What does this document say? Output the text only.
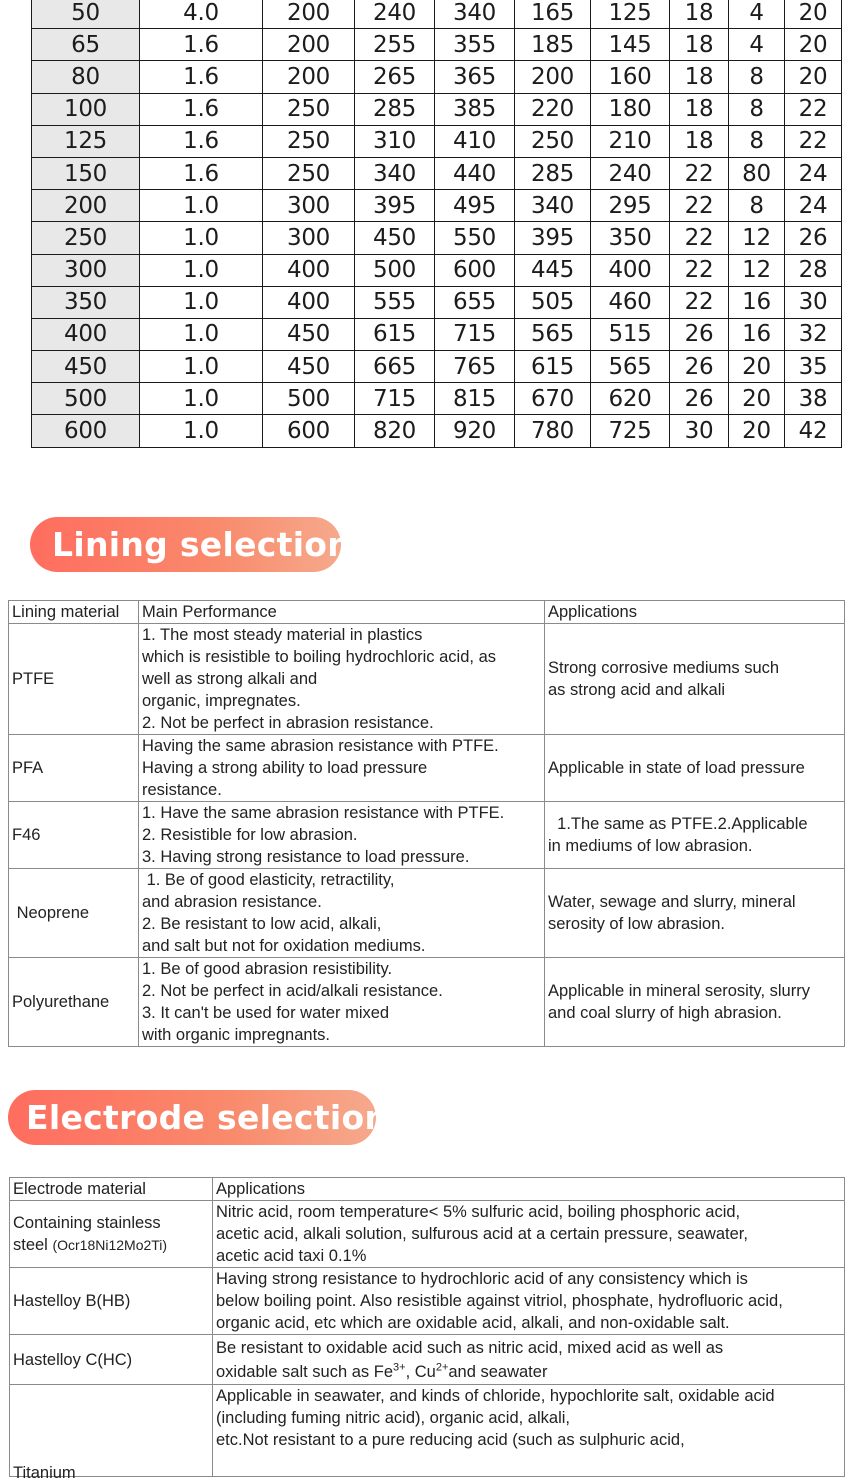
50	4.0	200	240	340	165	125	18	4	20
65	1.6	200	255	355	185	145	18	4	20
80	1.6	200	265	365	200	160	18	8	20
100	1.6	250	285	385	220	180	18	8	22
125	1.6	250	310	410	250	210	18	8	22
150	1.6	250	340	440	285	240	22	80	24
200	1.0	300	395	495	340	295	22	8	24
250	1.0	300	450	550	395	350	22	12	26
300	1.0	400	500	600	445	400	22	12	28
350	1.0	400	555	655	505	460	22	16	30
400	1.0	450	615	715	565	515	26	16	32
450	1.0	450	665	765	615	565	26	20	35
500	1.0	500	715	815	670	620	26	20	38
600	1.0	600	820	920	780	725	30	20	42
Lining selection
Lining material	Main Performance	Applications
PTFE	1. The most steady material in plastics
which is resistible to boiling hydrochloric acid, as
well as strong alkali and
organic, impregnates.
2. Not be perfect in abrasion resistance.	Strong corrosive mediums such
as strong acid and alkali

PFA	Having the same abrasion resistance with PTFE.
Having a strong ability to load pressure
resistance.	Applicable in state of load pressure

F46	1. Have the same abrasion resistance with PTFE.
2. Resistible for low abrasion.
3. Having strong resistance to load pressure.	1.The same as PTFE.2.Applicable
in mediums of low abrasion.

Neoprene	1. Be of good elasticity, retractility,
and abrasion resistance.
2. Be resistant to low acid, alkali,
and salt but not for oxidation mediums.	Water, sewage and slurry, mineral
serosity of low abrasion.

Polyurethane	1. Be of good abrasion resistibility.
2. Not be perfect in acid/alkali resistance.
3. It can't be used for water mixed
with organic impregnants.	Applicable in mineral serosity, slurry
and coal slurry of high abrasion.
Electrode selection
Electrode material	Applications

Containing stainless
steel (Ocr18Ni12Mo2Ti)	Nitric acid, room temperature< 5% sulfuric acid, boiling phosphoric acid,
acetic acid, alkali solution, sulfurous acid at a certain pressure, seawater,
acetic acid taxi 0.1%

Hastelloy B(HB)	Having strong resistance to hydrochloric acid of any consistency which is
below boiling point. Also resistible against vitriol, phosphate, hydrofluoric acid,
organic acid, etc which are oxidable acid, alkali, and non-oxidable salt.

Hastelloy C(HC)	Be resistant to oxidable acid such as nitric acid, mixed acid as well as
oxidable salt such as $Fe^{3+}$, $Cu^{2+}and$ seawater

Titanium	Applicable in seawater, and kinds of chloride, hypochlorite salt, oxidable acid
(including fuming nitric acid), organic acid, alkali,
etc.Not resistant to a pure reducing acid (such as sulphuric acid,
